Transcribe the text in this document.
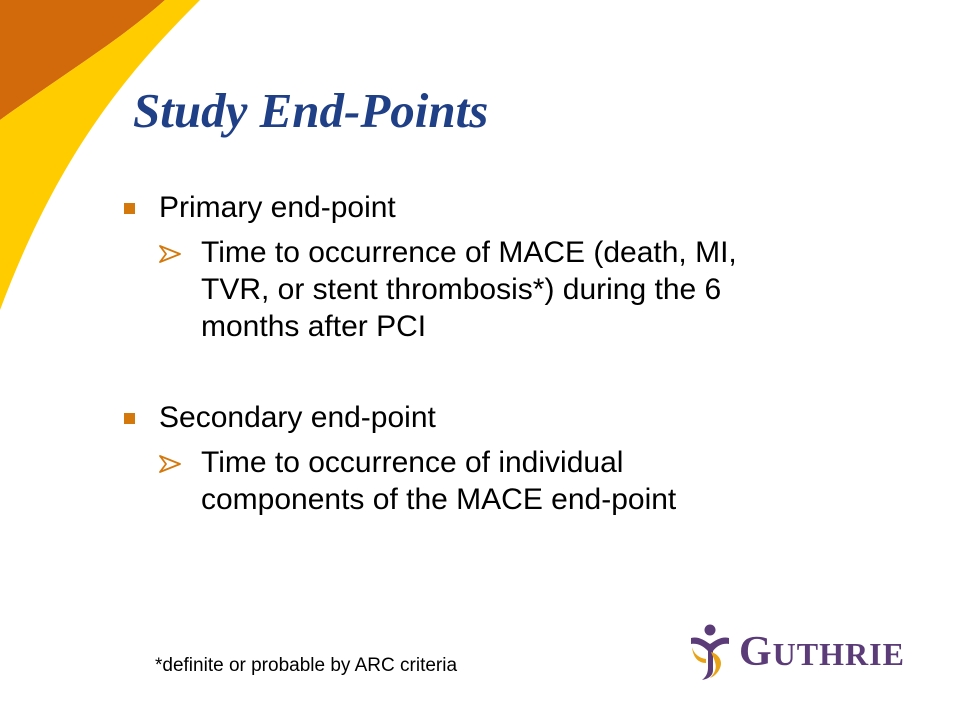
Study End-Points
Primary end-point
Time to occurrence of MACE (death, MI,
TVR, or stent thrombosis*) during the 6
months after PCI
Secondary end-point
Time to occurrence of individual
components of the MACE end-point
*definite or probable by ARC criteria	G UTHRIE
